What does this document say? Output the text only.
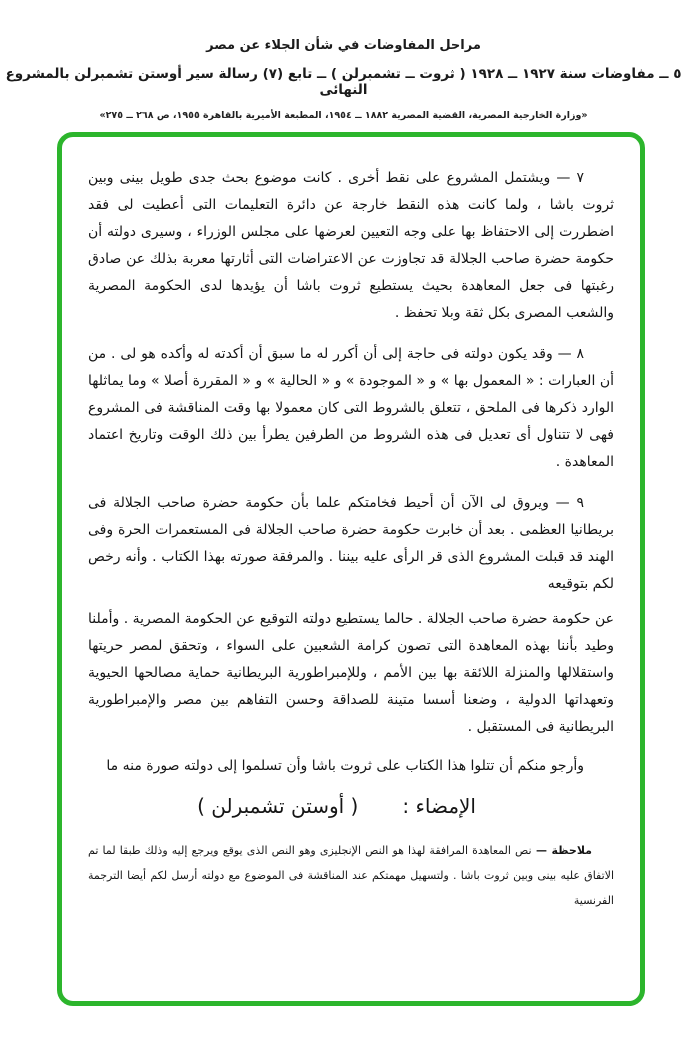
مراحل المفاوضات في شأن الجلاء عن مصر
٥ ــ مفاوضات سنة ١٩٢٧ ــ ١٩٢٨ ( ثروت ــ تشمبرلن ) ــ تابع (٧) رسالة سير أوستن تشمبرلن بالمشروع النهائى
«وزارة الخارجية المصرية، القضية المصرية ١٨٨٢ ــ ١٩٥٤، المطبعة الأميرية بالقاهرة ١٩٥٥، ص ٢٦٨ ــ ٢٧٥»
٧ — ويشتمل المشروع على نقط أخرى . كانت موضوع بحث جدى طويل بينى وبين ثروت باشا ، ولما كانت هذه النقط خارجة عن دائرة التعليمات التى أعطيت لى فقد اضطررت إلى الاحتفاظ بها على وجه التعيين لعرضها على مجلس الوزراء ، وسيرى دولته أن حكومة حضرة صاحب الجلالة قد تجاوزت عن الاعتراضات التى أثارتها معربة بذلك عن صادق رغبتها فى جعل المعاهدة بحيث يستطيع ثروت باشا أن يؤيدها لدى الحكومة المصرية والشعب المصرى بكل ثقة وبلا تحفظ .
٨ — وقد يكون دولته فى حاجة إلى أن أكرر له ما سبق أن أكدته له وأكده هو لى . من أن العبارات : « المعمول بها » و « الموجودة » و « الحالية » و « المقررة أصلا » وما يماثلها الوارد ذكرها فى الملحق ، تتعلق بالشروط التى كان معمولا بها وقت المناقشة فى المشروع فهى لا تتناول أى تعديل فى هذه الشروط من الطرفين يطرأ بين ذلك الوقت وتاريخ اعتماد المعاهدة .
٩ — ويروق لى الآن أن أحيط فخامتكم علما بأن حكومة حضرة صاحب الجلالة فى بريطانيا العظمى . بعد أن خابرت حكومة حضرة صاحب الجلالة فى المستعمرات الحرة وفى الهند قد قبلت المشروع الذى قر الرأى عليه بيننا . والمرفقة صورته بهذا الكتاب . وأنه رخص لكم بتوقيعه
عن حكومة حضرة صاحب الجلالة . حالما يستطيع دولته التوقيع عن الحكومة المصرية . وأملنا وطيد بأننا بهذه المعاهدة التى تصون كرامة الشعبين على السواء ، وتحقق لمصر حريتها واستقلالها والمنزلة اللائقة بها بين الأمم ، وللإمبراطورية البريطانية حماية مصالحها الحيوية وتعهداتها الدولية ، وضعنا أسسا متينة للصداقة وحسن التفاهم بين مصر والإمبراطورية البريطانية فى المستقبل .
وأرجو منكم أن تتلوا هذا الكتاب على ثروت باشا وأن تسلموا إلى دولته صورة منه ما
الإمضاء :
( أوستن تشمبرلن )
ملاحظة — نص المعاهدة المرافقة لهذا هو النص الإنجليزى وهو النص الذى يوقع ويرجع إليه وذلك طبقا لما تم الاتفاق عليه بينى وبين ثروت باشا . ولتسهيل مهمتكم عند المناقشة فى الموضوع مع دولته أرسل لكم أيضا الترجمة الفرنسية
